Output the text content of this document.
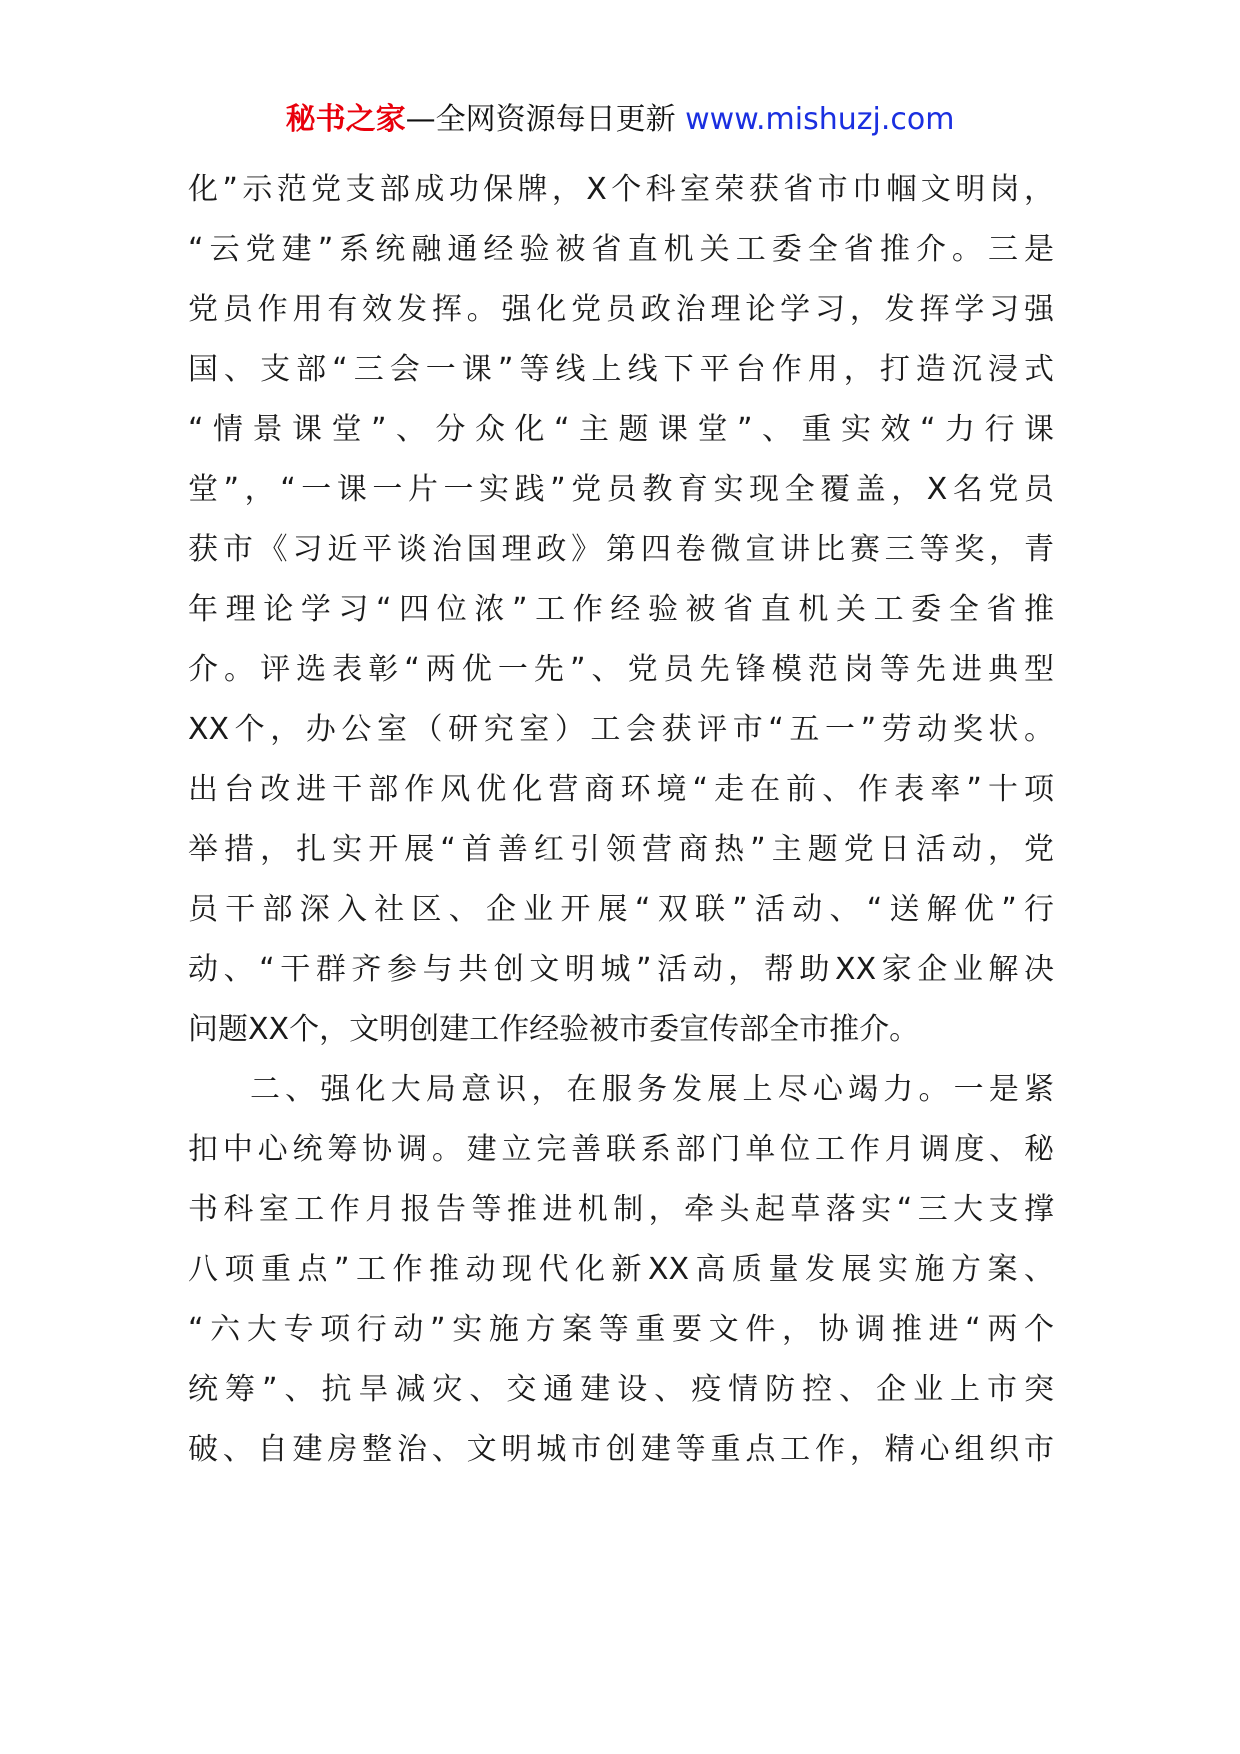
秘书之家—全网资源每日更新 www.mishuzj.com
化”示范党支部成功保牌，X个科室荣获省市巾帼文明岗，
“云党建”系统融通经验被省直机关工委全省推介。三是
党员作用有效发挥。强化党员政治理论学习，发挥学习强
国、支部“三会一课”等线上线下平台作用，打造沉浸式
“情景课堂”、分众化“主题课堂”、重实效“力行课
堂”，“一课一片一实践”党员教育实现全覆盖，X名党员
获市《习近平谈治国理政》第四卷微宣讲比赛三等奖，青
年理论学习“四位浓”工作经验被省直机关工委全省推
介。评选表彰“两优一先”、党员先锋模范岗等先进典型
XX个，办公室（研究室）工会获评市“五一”劳动奖状。
出台改进干部作风优化营商环境“走在前、作表率”十项
举措，扎实开展“首善红引领营商热”主题党日活动，党
员干部深入社区、企业开展“双联”活动、“送解优”行
动、“干群齐参与共创文明城”活动，帮助XX家企业解决
问题XX个，文明创建工作经验被市委宣传部全市推介。
二、强化大局意识，在服务发展上尽心竭力。一是紧
扣中心统筹协调。建立完善联系部门单位工作月调度、秘
书科室工作月报告等推进机制，牵头起草落实“三大支撑
八项重点”工作推动现代化新XX高质量发展实施方案、
“六大专项行动”实施方案等重要文件，协调推进“两个
统筹”、抗旱减灾、交通建设、疫情防控、企业上市突
破、自建房整治、文明城市创建等重点工作，精心组织市
